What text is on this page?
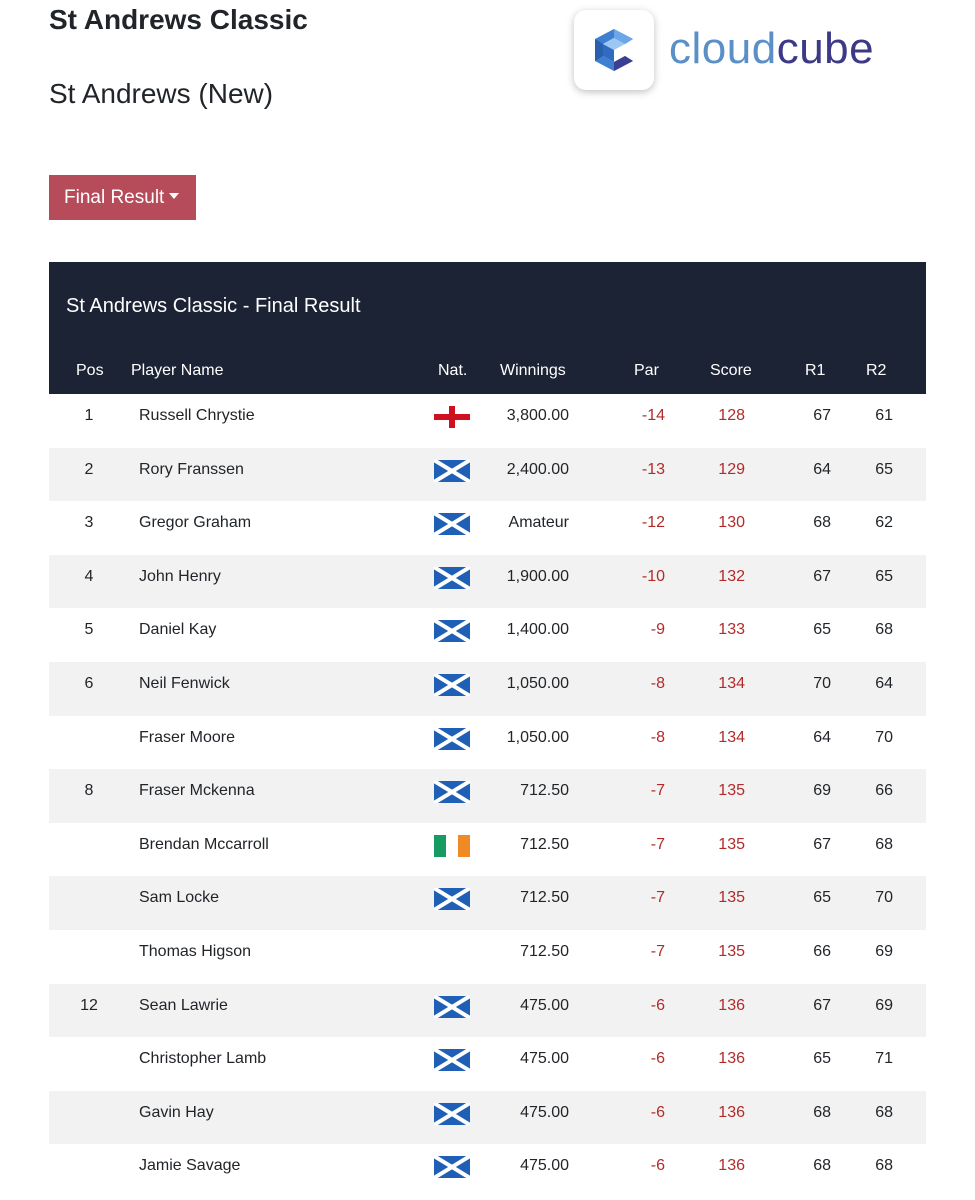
St Andrews Classic
St Andrews (New)
cloudcube
Final Result
St Andrews Classic - Final Result
Pos Player Name	Nat. Winnings	Par	Score	R1	R2
1	Russell Chrystie	3,800.00	-14	128	67	61
2	Rory Franssen	2,400.00	-13	129	64	65
3	Gregor Graham	Amateur	-12	130	68	62
4	John Henry	1,900.00	-10	132	67	65
5	Daniel Kay	1,400.00	-9	133	65	68
6	Neil Fenwick	1,050.00	-8	134	70	64
Fraser Moore	1,050.00	-8	134	64	70
8	Fraser Mckenna	712.50	-7	135	69	66
Brendan Mccarroll	712.50	-7	135	67	68
Sam Locke	712.50	-7	135	65	70
Thomas Higson	712.50	-7	135	66	69
12	Sean Lawrie	475.00	-6	136	67	69
Christopher Lamb	475.00	-6	136	65	71
Gavin Hay	475.00	-6	136	68	68
Jamie Savage	475.00	-6	136	68	68
